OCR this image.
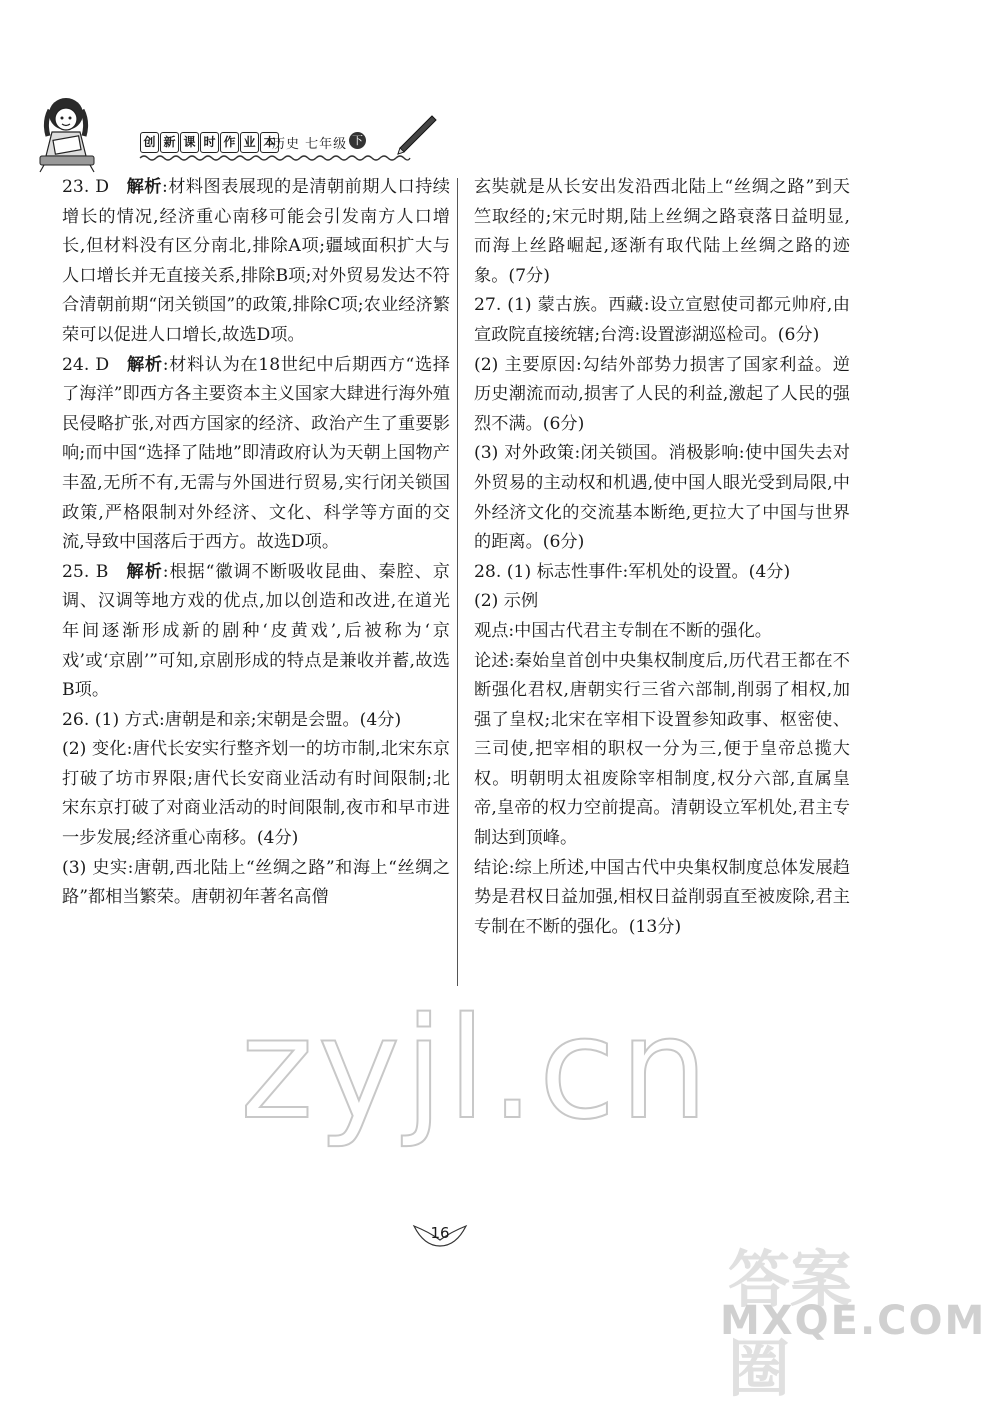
创 新 课 时 作 业 本
历史 七年级 下

23. D  解析:材料图表展现的是清朝前期人口持续增长的情况,经济重心南移可能会引发南方人口增长,但材料没有区分南北,排除A项;疆域面积扩大与人口增长并无直接关系,排除B项;对外贸易发达不符合清朝前期“闭关锁国”的政策,排除C项;农业经济繁荣可以促进人口增长,故选D项。

24. D  解析:材料认为在18世纪中后期西方“选择了海洋”即西方各主要资本主义国家大肆进行海外殖民侵略扩张,对西方国家的经济、政治产生了重要影响;而中国“选择了陆地”即清政府认为天朝上国物产丰盈,无所不有,无需与外国进行贸易,实行闭关锁国政策,严格限制对外经济、文化、科学等方面的交流,导致中国落后于西方。故选D项。

25. B  解析:根据“徽调不断吸收昆曲、秦腔、京调、汉调等地方戏的优点,加以创造和改进,在道光年间逐渐形成新的剧种‘皮黄戏’,后被称为‘京戏’或‘京剧’”可知,京剧形成的特点是兼收并蓄,故选B项。

26. (1) 方式:唐朝是和亲;宋朝是会盟。(4分)

(2) 变化:唐代长安实行整齐划一的坊市制,北宋东京打破了坊市界限;唐代长安商业活动有时间限制;北宋东京打破了对商业活动的时间限制,夜市和早市进一步发展;经济重心南移。(4分)

(3) 史实:唐朝,西北陆上“丝绸之路”和海上“丝绸之路”都相当繁荣。唐朝初年著名高僧

玄奘就是从长安出发沿西北陆上“丝绸之路”到天竺取经的;宋元时期,陆上丝绸之路衰落日益明显,而海上丝路崛起,逐渐有取代陆上丝绸之路的迹象。(7分)

27. (1) 蒙古族。西藏:设立宣慰使司都元帅府,由宣政院直接统辖;台湾:设置澎湖巡检司。(6分)

(2) 主要原因:勾结外部势力损害了国家利益。逆历史潮流而动,损害了人民的利益,激起了人民的强烈不满。(6分)

(3) 对外政策:闭关锁国。消极影响:使中国失去对外贸易的主动权和机遇,使中国人眼光受到局限,中外经济文化的交流基本断绝,更拉大了中国与世界的距离。(6分)

28. (1) 标志性事件:军机处的设置。(4分)

(2) 示例

观点:中国古代君主专制在不断的强化。

论述:秦始皇首创中央集权制度后,历代君王都在不断强化君权,唐朝实行三省六部制,削弱了相权,加强了皇权;北宋在宰相下设置参知政事、枢密使、三司使,把宰相的职权一分为三,便于皇帝总揽大权。明朝明太祖废除宰相制度,权分六部,直属皇帝,皇帝的权力空前提高。清朝设立军机处,君主专制达到顶峰。

结论:综上所述,中国古代中央集权制度总体发展趋势是君权日益加强,相权日益削弱直至被废除,君主专制在不断的强化。(13分)

zyjl.cn
答案圈
MXQE.COM
16
